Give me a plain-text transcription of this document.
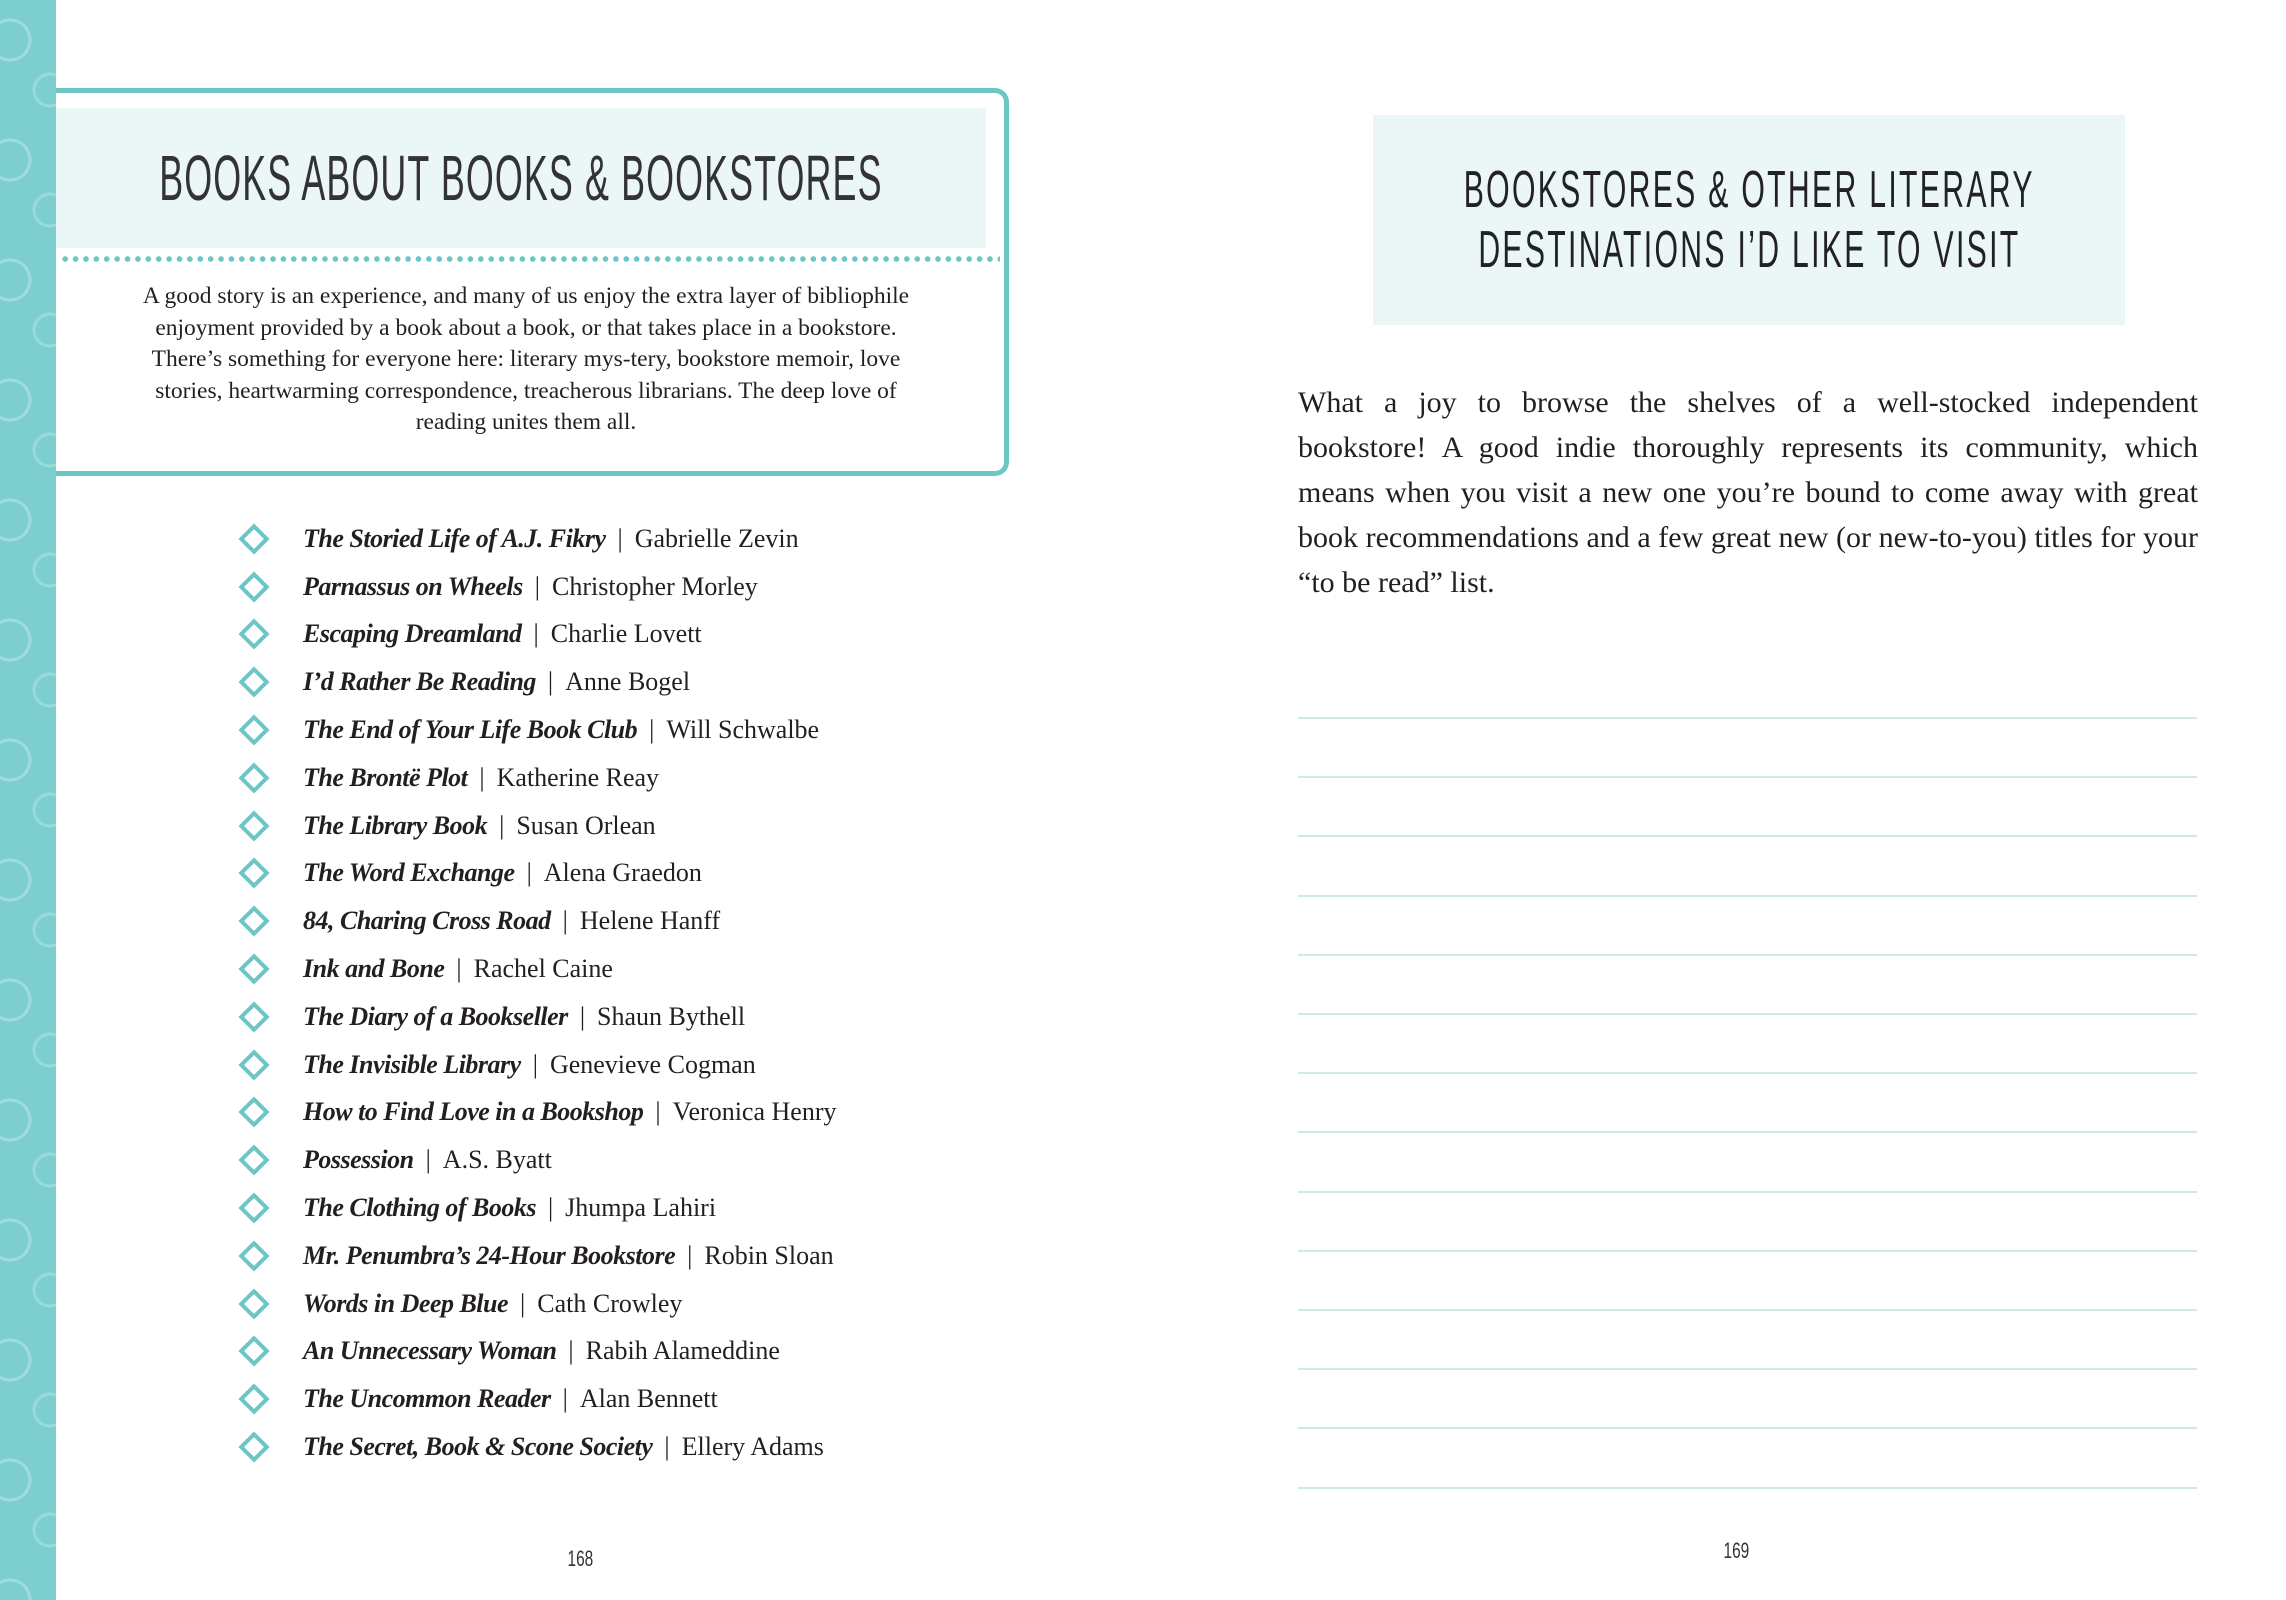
BOOKS ABOUT BOOKS & BOOKSTORES
A good story is an experience, and many of us enjoy the extra layer of bibliophile enjoyment provided by a book about a book, or that takes place in a bookstore. There’s something for everyone here: literary mys-tery, bookstore memoir, love stories, heartwarming correspondence, treacherous librarians. The deep love of reading unites them all.
The Storied Life of A.J. Fikry | Gabrielle Zevin
Parnassus on Wheels | Christopher Morley
Escaping Dreamland | Charlie Lovett
I’d Rather Be Reading | Anne Bogel
The End of Your Life Book Club | Will Schwalbe
The Brontë Plot | Katherine Reay
The Library Book | Susan Orlean
The Word Exchange | Alena Graedon
84, Charing Cross Road | Helene Hanff
Ink and Bone | Rachel Caine
The Diary of a Bookseller | Shaun Bythell
The Invisible Library | Genevieve Cogman
How to Find Love in a Bookshop | Veronica Henry
Possession | A.S. Byatt
The Clothing of Books | Jhumpa Lahiri
Mr. Penumbra’s 24-Hour Bookstore | Robin Sloan
Words in Deep Blue | Cath Crowley
An Unnecessary Woman | Rabih Alameddine
The Uncommon Reader | Alan Bennett
The Secret, Book & Scone Society | Ellery Adams
168
BOOKSTORES & OTHER LITERARY
DESTINATIONS I’D LIKE TO VISIT
What a joy to browse the shelves of a well-stocked independent bookstore! A good indie thoroughly represents its community, which means when you visit a new one you’re bound to come away with great book recommendations and a few great new (or new-to-you) titles for your “to be read” list.
169
